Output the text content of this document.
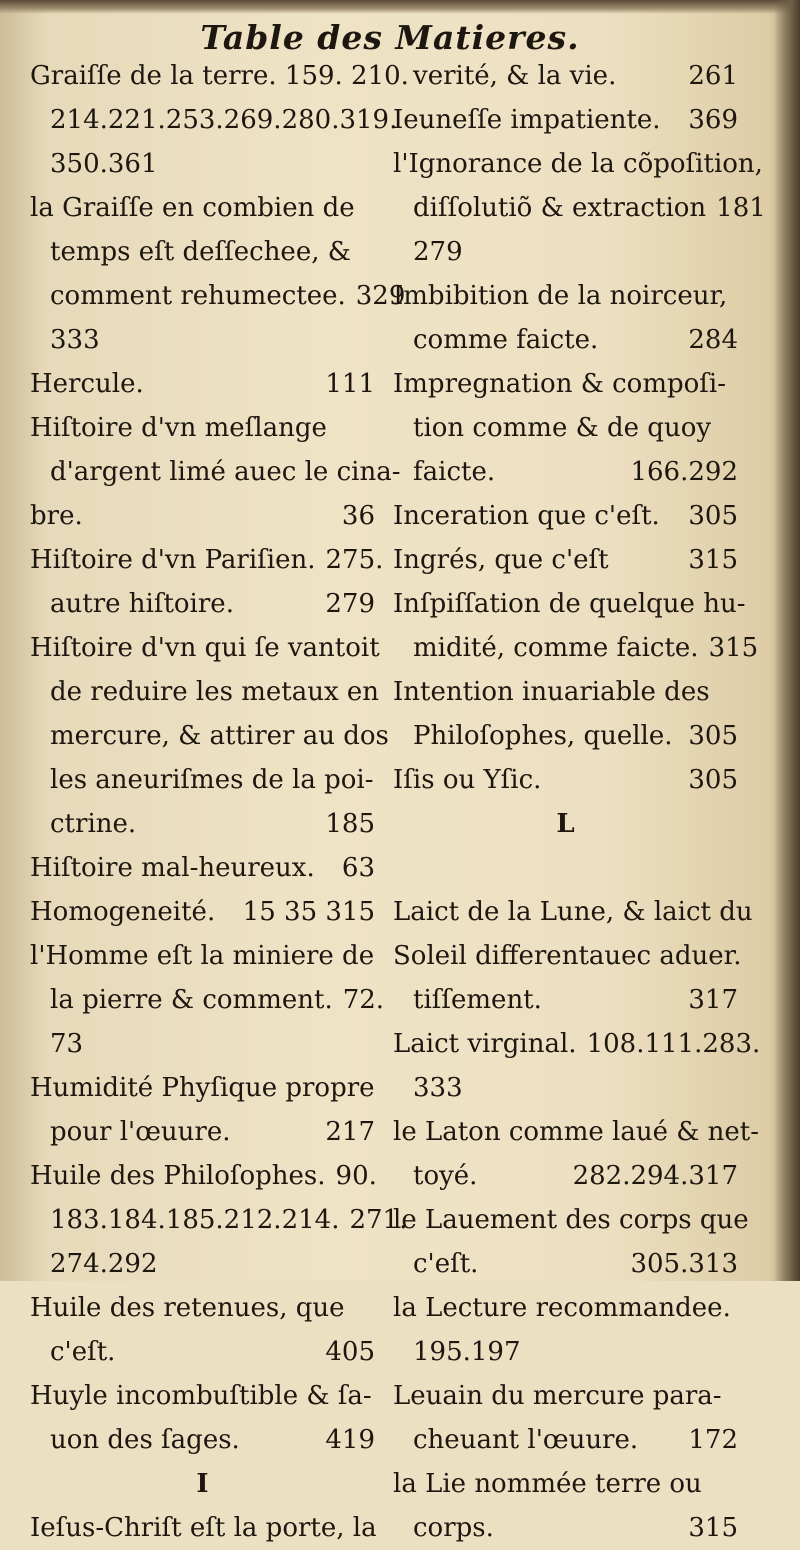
Table des Matieres.
Graiſſe de la terre. 159. 210.
214.221.253.269.280.319.
350.361
la Graiſſe en combien de
temps eſt deſſechee, &
comment rehumectee. 329
333
Hercule.	111
Hiſtoire d'vn meſlange
d'argent limé auec le cina-
bre.	36
Hiſtoire d'vn Pariſien. 275.
autre hiſtoire.	279
Hiſtoire d'vn qui ſe vantoit
de reduire les metaux en
mercure, & attirer au dos
les aneuriſmes de la poi-
ctrine.	185
Hiſtoire mal-heureux. 63
Homogeneité. 15 35 315
l'Homme eſt la miniere de
la pierre & comment. 72.
73
Humidité Phyſique propre
pour l'œuure.	217
Huile des Philoſophes. 90.
183.184.185.212.214. 271.
274.292
Huile des retenues, que
c'eſt.	405
Huyle incombuſtible & ſa-
uon des ſages.	419
I
Ieſus-Chriſt eſt la porte, la
verité, & la vie.	261
Ieuneſſe impatiente. 369
l'Ignorance de la cõpoſition,
diſſolutiõ & extraction 181
279
Imbibition de la noirceur,
comme faicte.	284
Impregnation & compoſi-
tion comme & de quoy
faicte.	166.292
Inceration que c'eſt. 305
Ingrés, que c'eſt	315
Inſpiſſation de quelque hu-
midité, comme faicte. 315
Intention inuariable des
Philoſophes, quelle. 305
Iſis ou Yſic.	305
L
Laict de la Lune, & laict du
Soleil differentauec aduer.
tiſſement.	317
Laict virginal. 108.111.283.
333
le Laton comme laué & net-
toyé.	282.294.317
le Lauement des corps que
c'eſt.	305.313
la Lecture recommandee.
195.197
Leuain du mercure para-
cheuant l'œuure. 172
la Lie nommée terre ou
corps.	315
